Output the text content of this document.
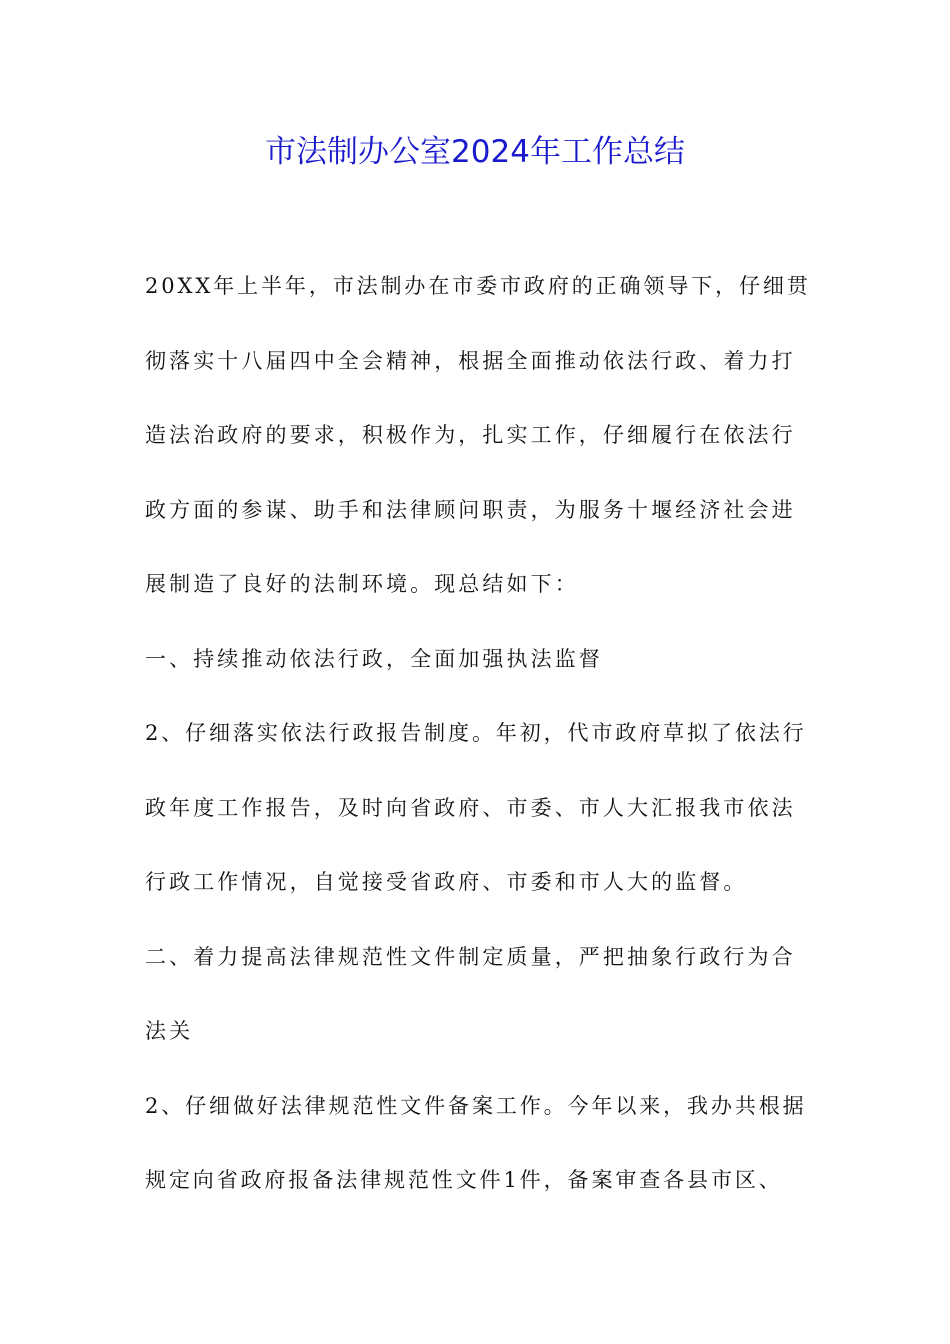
市法制办公室2024年工作总结
20XX年上半年，市法制办在市委市政府的正确领导下，仔细贯
彻落实十八届四中全会精神，根据全面推动依法行政、着力打
造法治政府的要求，积极作为，扎实工作，仔细履行在依法行
政方面的参谋、助手和法律顾问职责，为服务十堰经济社会进
展制造了良好的法制环境。现总结如下：
一、持续推动依法行政，全面加强执法监督
2、仔细落实依法行政报告制度。年初，代市政府草拟了依法行
政年度工作报告，及时向省政府、市委、市人大汇报我市依法
行政工作情况，自觉接受省政府、市委和市人大的监督。
二、着力提高法律规范性文件制定质量，严把抽象行政行为合
法关
2、仔细做好法律规范性文件备案工作。今年以来，我办共根据
规定向省政府报备法律规范性文件1件，备案审查各县市区、
